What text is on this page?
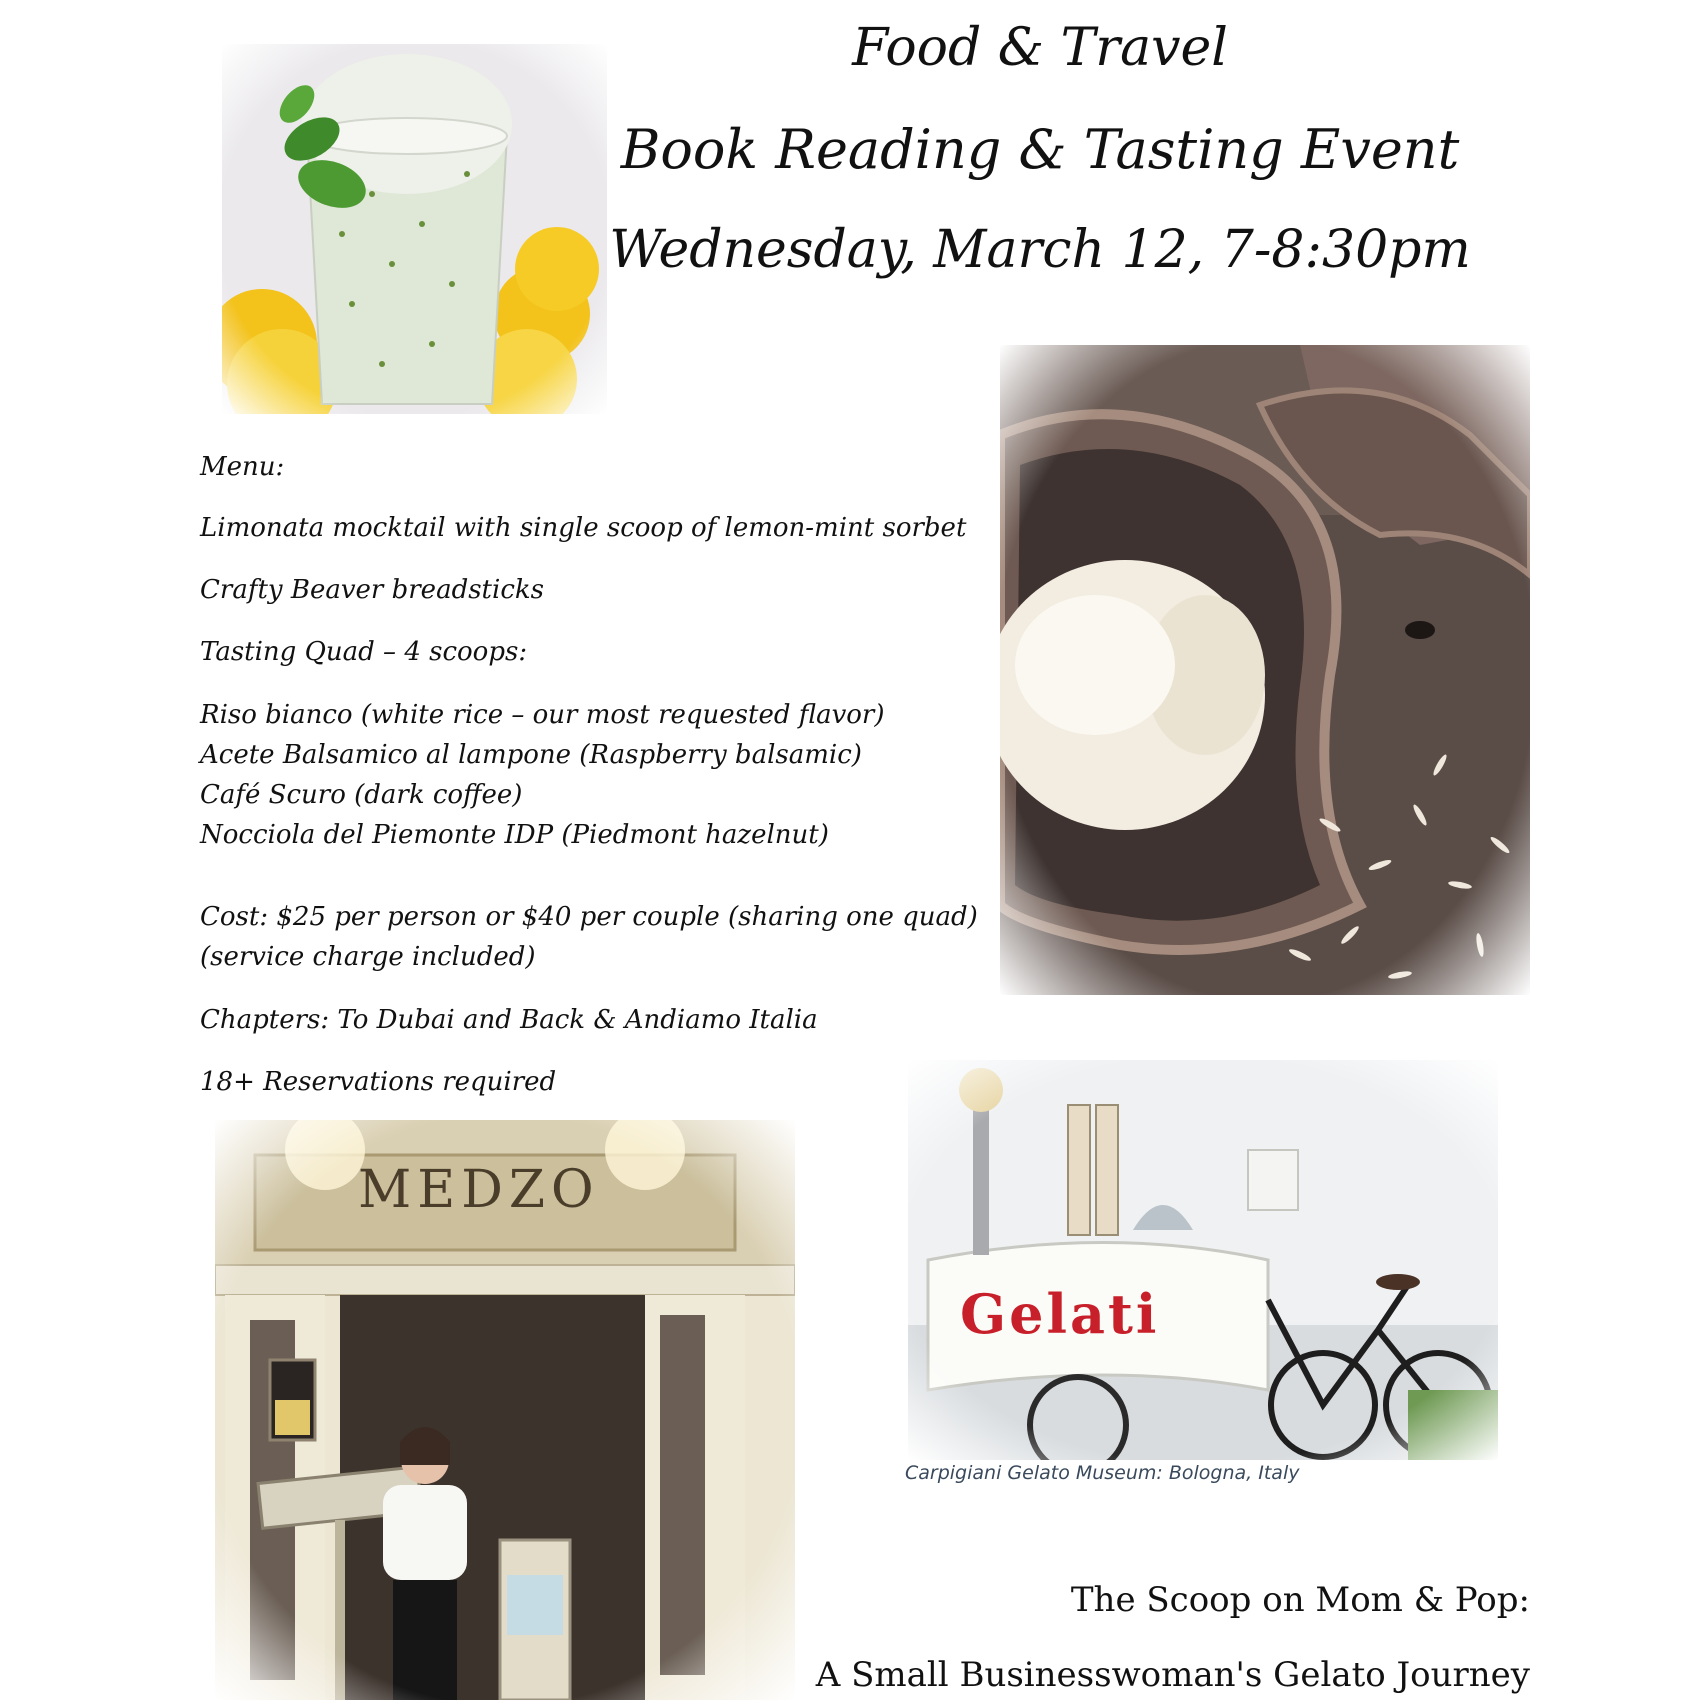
Food & Travel
Book Reading & Tasting Event
Wednesday, March 12, 7-8:30pm
Menu:
Limonata mocktail with single scoop of lemon-mint sorbet
Crafty Beaver breadsticks
Tasting Quad – 4 scoops:
Riso bianco (white rice – our most requested flavor)
Acete Balsamico al lampone (Raspberry balsamic)
Café Scuro (dark coffee)
Nocciola del Piemonte IDP (Piedmont hazelnut)
Cost: $25 per person or $40 per couple (sharing one quad)
(service charge included)
Chapters: To Dubai and Back & Andiamo Italia
18+ Reservations required
MEDZO
Gelati
Carpigiani Gelato Museum: Bologna, Italy
The Scoop on Mom & Pop:
A Small Businesswoman's Gelato Journey
